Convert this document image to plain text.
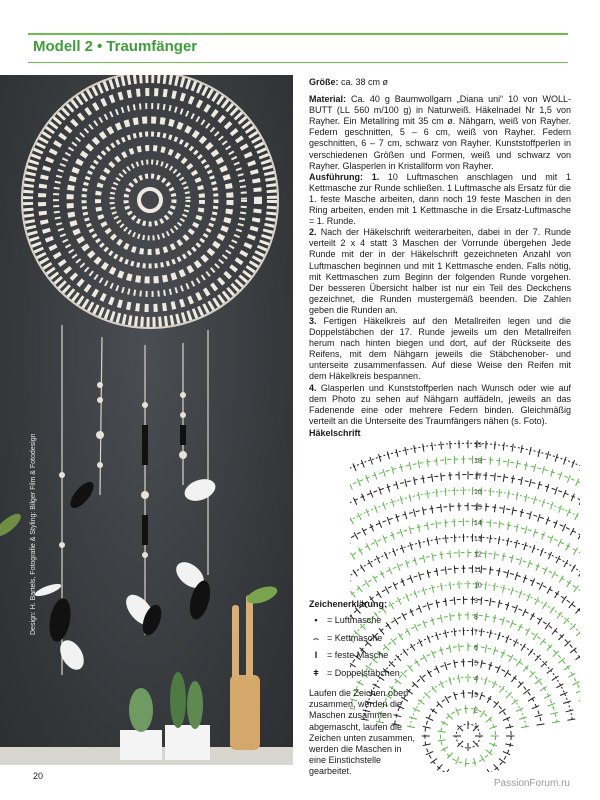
Modell 2 • Traumfänger
Design: H. Bartels, Fotografie & Styling: Bilger Film & Fotodesign

Größe: ca. 38 cm ø

Material: Ca. 40 g Baumwollgarn „Diana uni“ 10 von WOLL-BUTT (LL 560 m/100 g) in Naturweiß. Häkelnadel Nr 1,5 von Rayher. Ein Metallring mit 35 cm ø. Nähgarn, weiß von Rayher. Federn geschnitten, 5 – 6 cm, weiß von Rayher. Federn geschnitten, 6 – 7 cm, schwarz von Rayher. Kunststoffperlen in verschiedenen Größen und Formen, weiß und schwarz von Rayher. Glasperlen in Kristallform von Rayher.

Ausführung: 1. 10 Luftmaschen anschlagen und mit 1 Kettmasche zur Runde schließen. 1 Luftmasche als Ersatz für die 1. feste Masche arbeiten, dann noch 19 feste Maschen in den Ring arbeiten, enden mit 1 Kettmasche in die Ersatz-Luftmasche = 1. Runde.

2. Nach der Häkelschrift weiterarbeiten, dabei in der 7. Runde verteilt 2 x 4 statt 3 Maschen der Vorrunde übergehen Jede Runde mit der in der Häkelschrift gezeichneten Anzahl von Luftmaschen beginnen und mit 1 Kettmasche enden. Falls nötig, mit Kettmaschen zum Beginn der folgenden Runde vorgehen. Der besseren Übersicht halber ist nur ein Teil des Deckchens gezeichnet, die Runden mustergemäß beenden. Die Zahlen geben die Runden an.

3. Fertigen Häkelkreis auf den Metallreifen legen und die Doppelstäbchen der 17. Runde jeweils um den Metallreifen herum nach hinten biegen und dort, auf der Rückseite des Reifens, mit dem Nähgarn jeweils die Stäbchenober- und unterseite zusammenfassen. Auf diese Weise den Reifen mit dem Häkelkreis bespannen.

4. Glasperlen und Kunststoffperlen nach Wunsch oder wie auf dem Photo zu sehen auf Nähgarn auffädeln, jeweils an das Fadenende eine oder mehrere Federn binden. Gleichmäßig verteilt an die Unterseite des Traumfängers nähen (s. Foto).

Häkelschrift
1
2
3
4
5
6
7
8
9
10
11
12
13
14
15
16
17
18
19
Zeichenerklärung:
•	= Luftmasche
⌢ = Kettmasche
I	= feste Masche
ǂ = Doppelstäbchen
Laufen die Zeichen oben zusammen, werden die Maschen zusammen abgemascht, laufen die Zeichen unten zusammen, werden die Maschen in eine Einstichstelle gearbeitet.
20
PassionForum.ru
